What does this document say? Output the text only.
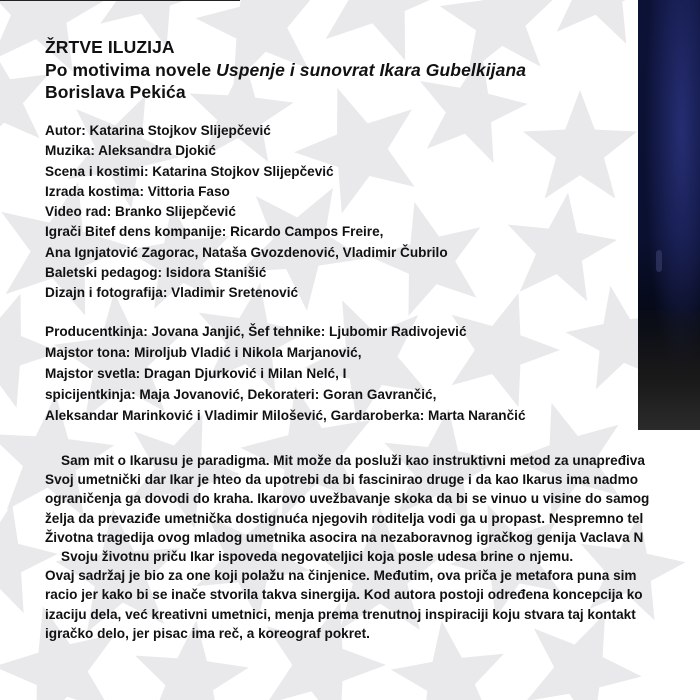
ŽRTVE ILUZIJA
Po motivima novele Uspenje i sunovrat Ikara Gubelkijana
Borislava Pekića
Autor: Katarina Stojkov Slijepčević
Muzika: Aleksandra Djokić
Scena i kostimi: Katarina Stojkov Slijepčević
Izrada kostima: Vittoria Faso
Video rad: Branko Slijepčević
Igrači Bitef dens kompanije: Ricardo Campos Freire,
Ana Ignjatović Zagorac, Nataša Gvozdenović, Vladimir Čubrilo
Baletski pedagog: Isidora Stanišić
Dizajn i fotografija: Vladimir Sretenović
Producentkinja: Jovana Janjić, Šef tehnike: Ljubomir Radivojević
Majstor tona: Miroljub Vladić i Nikola Marjanović,
Majstor svetla: Dragan Djurković i Milan Nelć, I
spicijentkinja: Maja Jovanović, Dekorateri: Goran Gavrančić,
Aleksandar Marinković i Vladimir Milošević, Gardaroberka: Marta Narančić
Sam mit o Ikarusu je paradigma. Mit može da posluži kao instruktivni metod za unapređiva
Svoj umetnički dar Ikar je hteo da upotrebi da bi fascinirao druge i da kao Ikarus ima nadmo
ograničenja ga dovodi do kraha. Ikarovo uvežbavanje skoka da bi se vinuo u visine do samog
želja da prevaziđe umetnička dostignuća njegovih roditelja vodi ga u propast. Nespremno tel
Životna tragedija ovog mladog umetnika asocira na nezaboravnog igračkog genija Vaclava N
Svoju životnu priču Ikar ispoveda negovatelјici koja posle udesa brine o njemu.
Ovaj sadržaj je bio za one koji polažu na činjenice. Međutim, ova priča je metafora puna sim
racio jer kako bi se inače stvorila takva sinergija. Kod autora postoji određena koncepcija ko
izaciju dela, već kreativni umetnici, menja prema trenutnoj inspiraciji koju stvara taj kontakt
igračko delo, jer pisac ima reč, a koreograf pokret.
